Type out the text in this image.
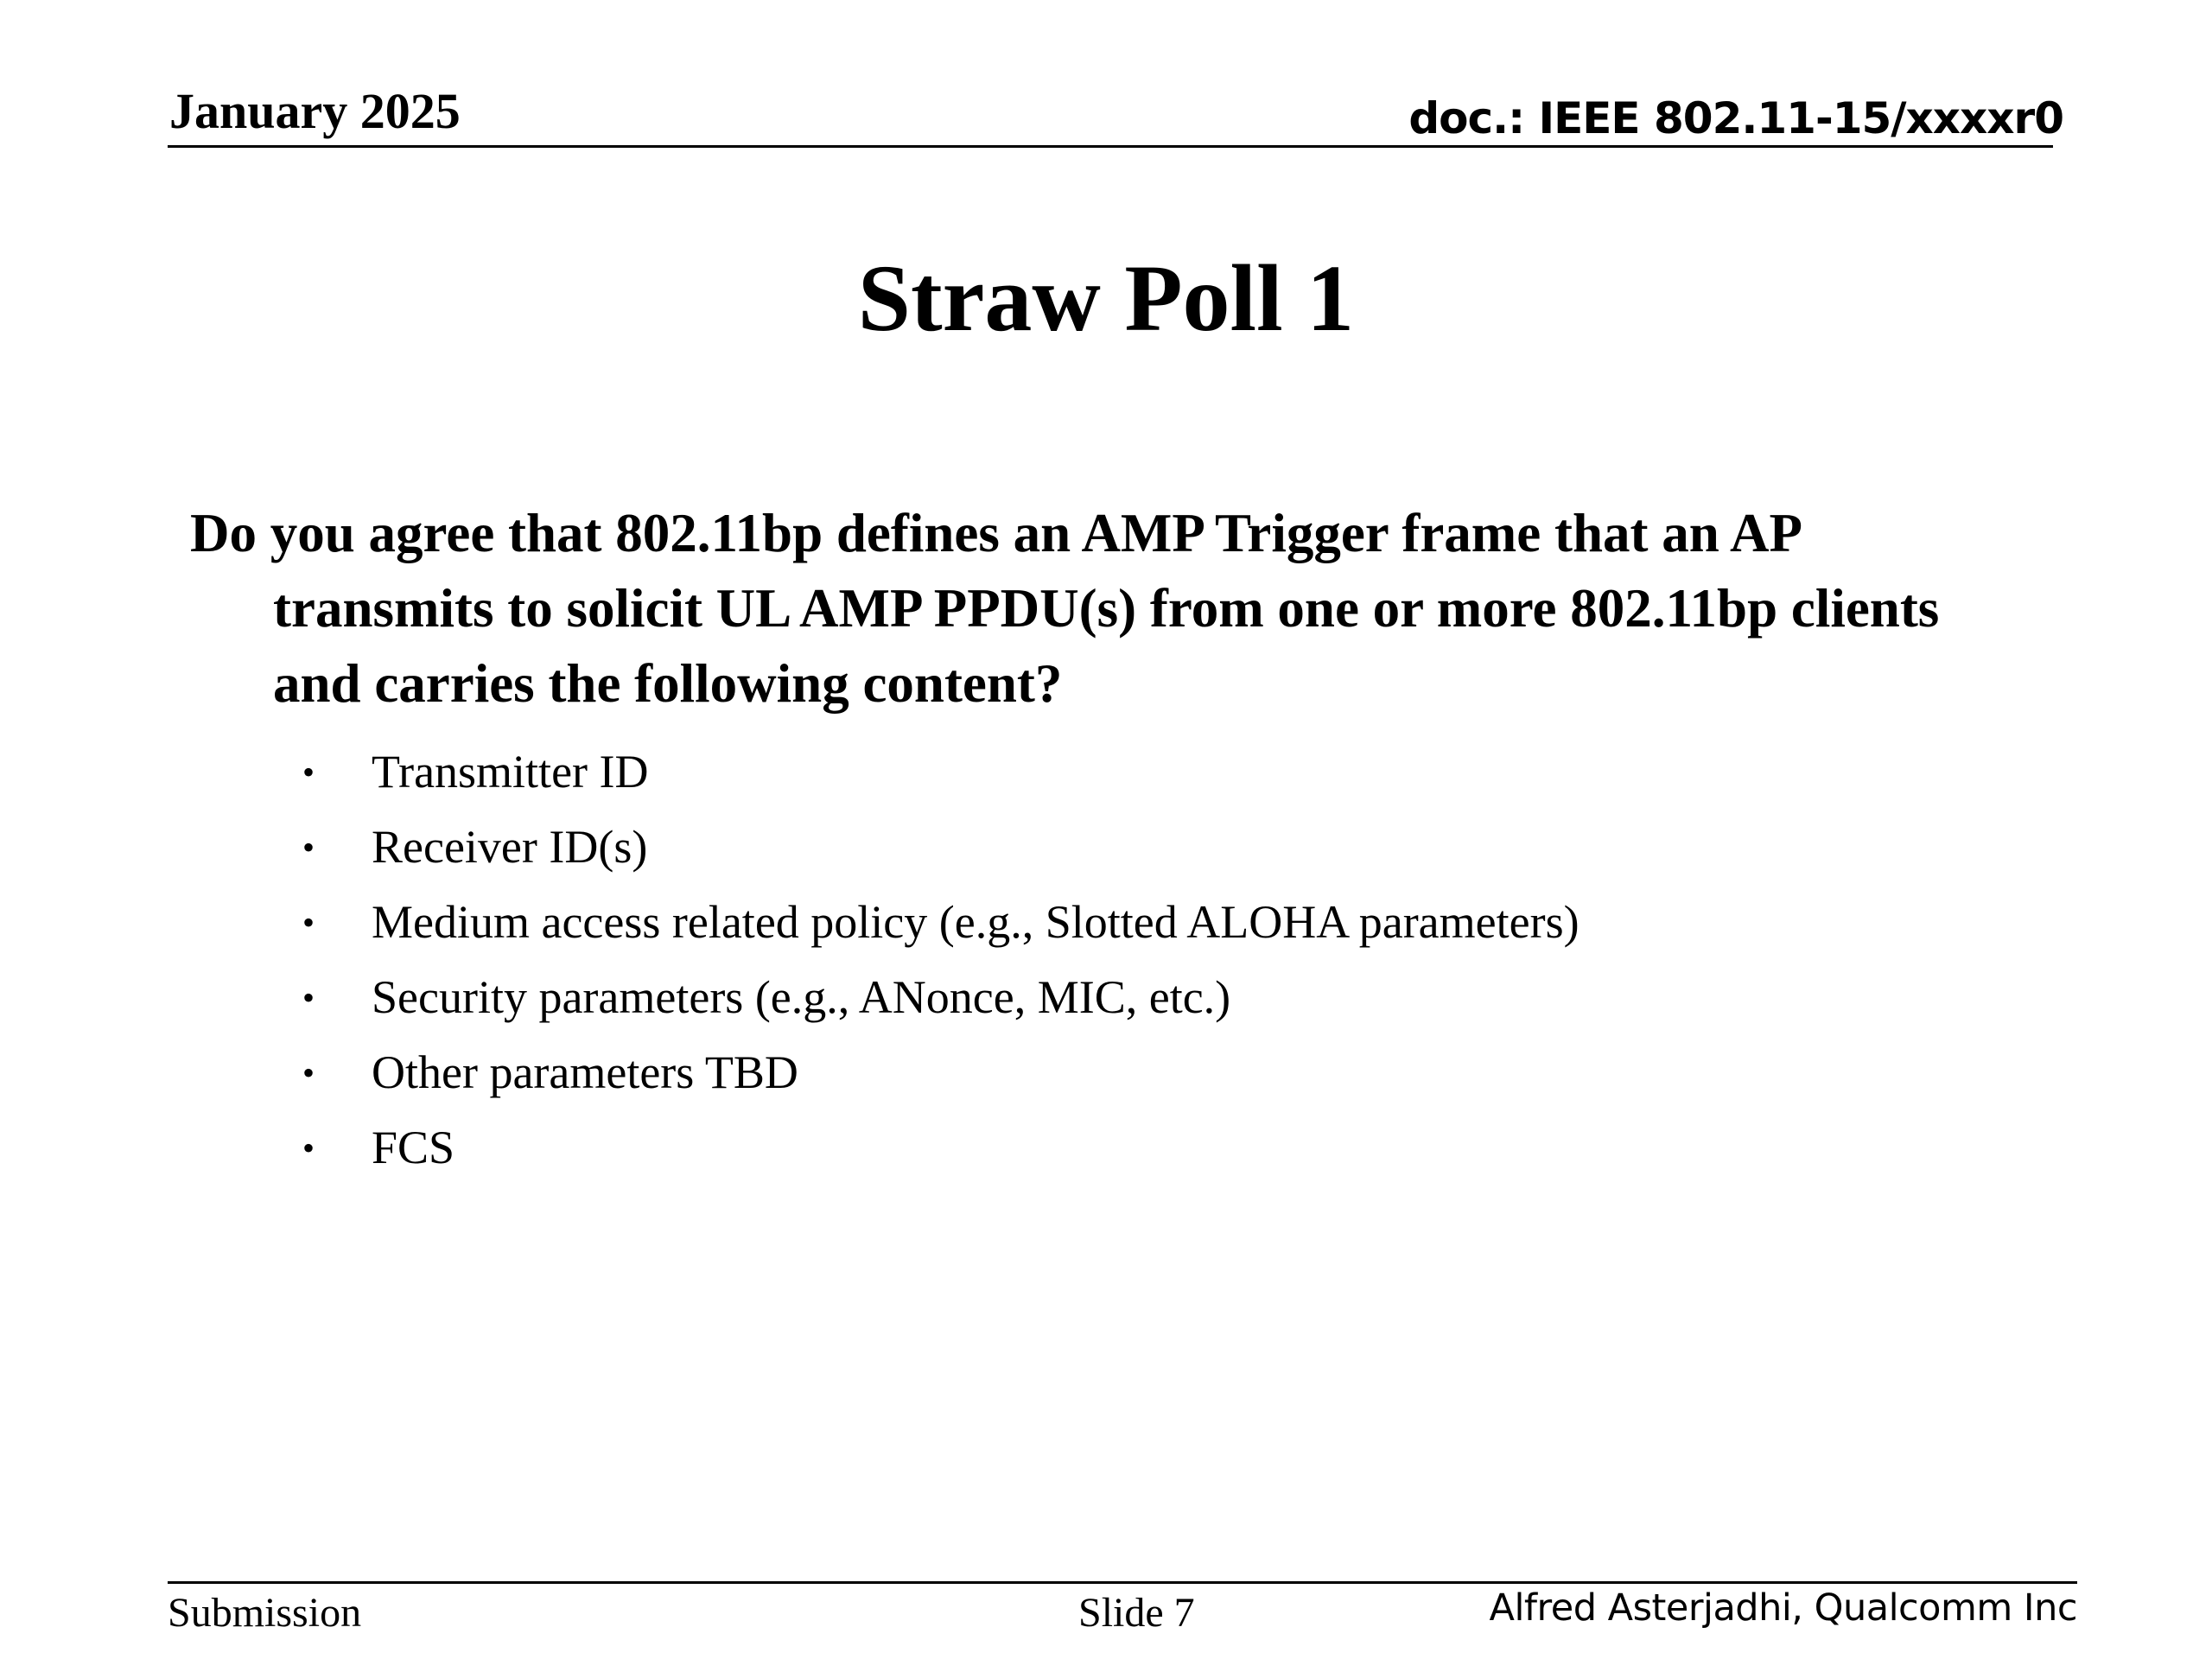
January 2025	doc.: IEEE 802.11-15/xxxxr0
Straw Poll 1
Do you agree that 802.11bp defines an AMP Trigger frame that an AP transmits to solicit UL AMP PPDU(s) from one or more 802.11bp clients and carries the following content?
• Transmitter ID
• Receiver ID(s)
• Medium access related policy (e.g., Slotted ALOHA parameters)
• Security parameters (e.g., ANonce, MIC, etc.)
• Other parameters TBD
• FCS
Submission	Slide 7	Alfred Asterjadhi, Qualcomm Inc
